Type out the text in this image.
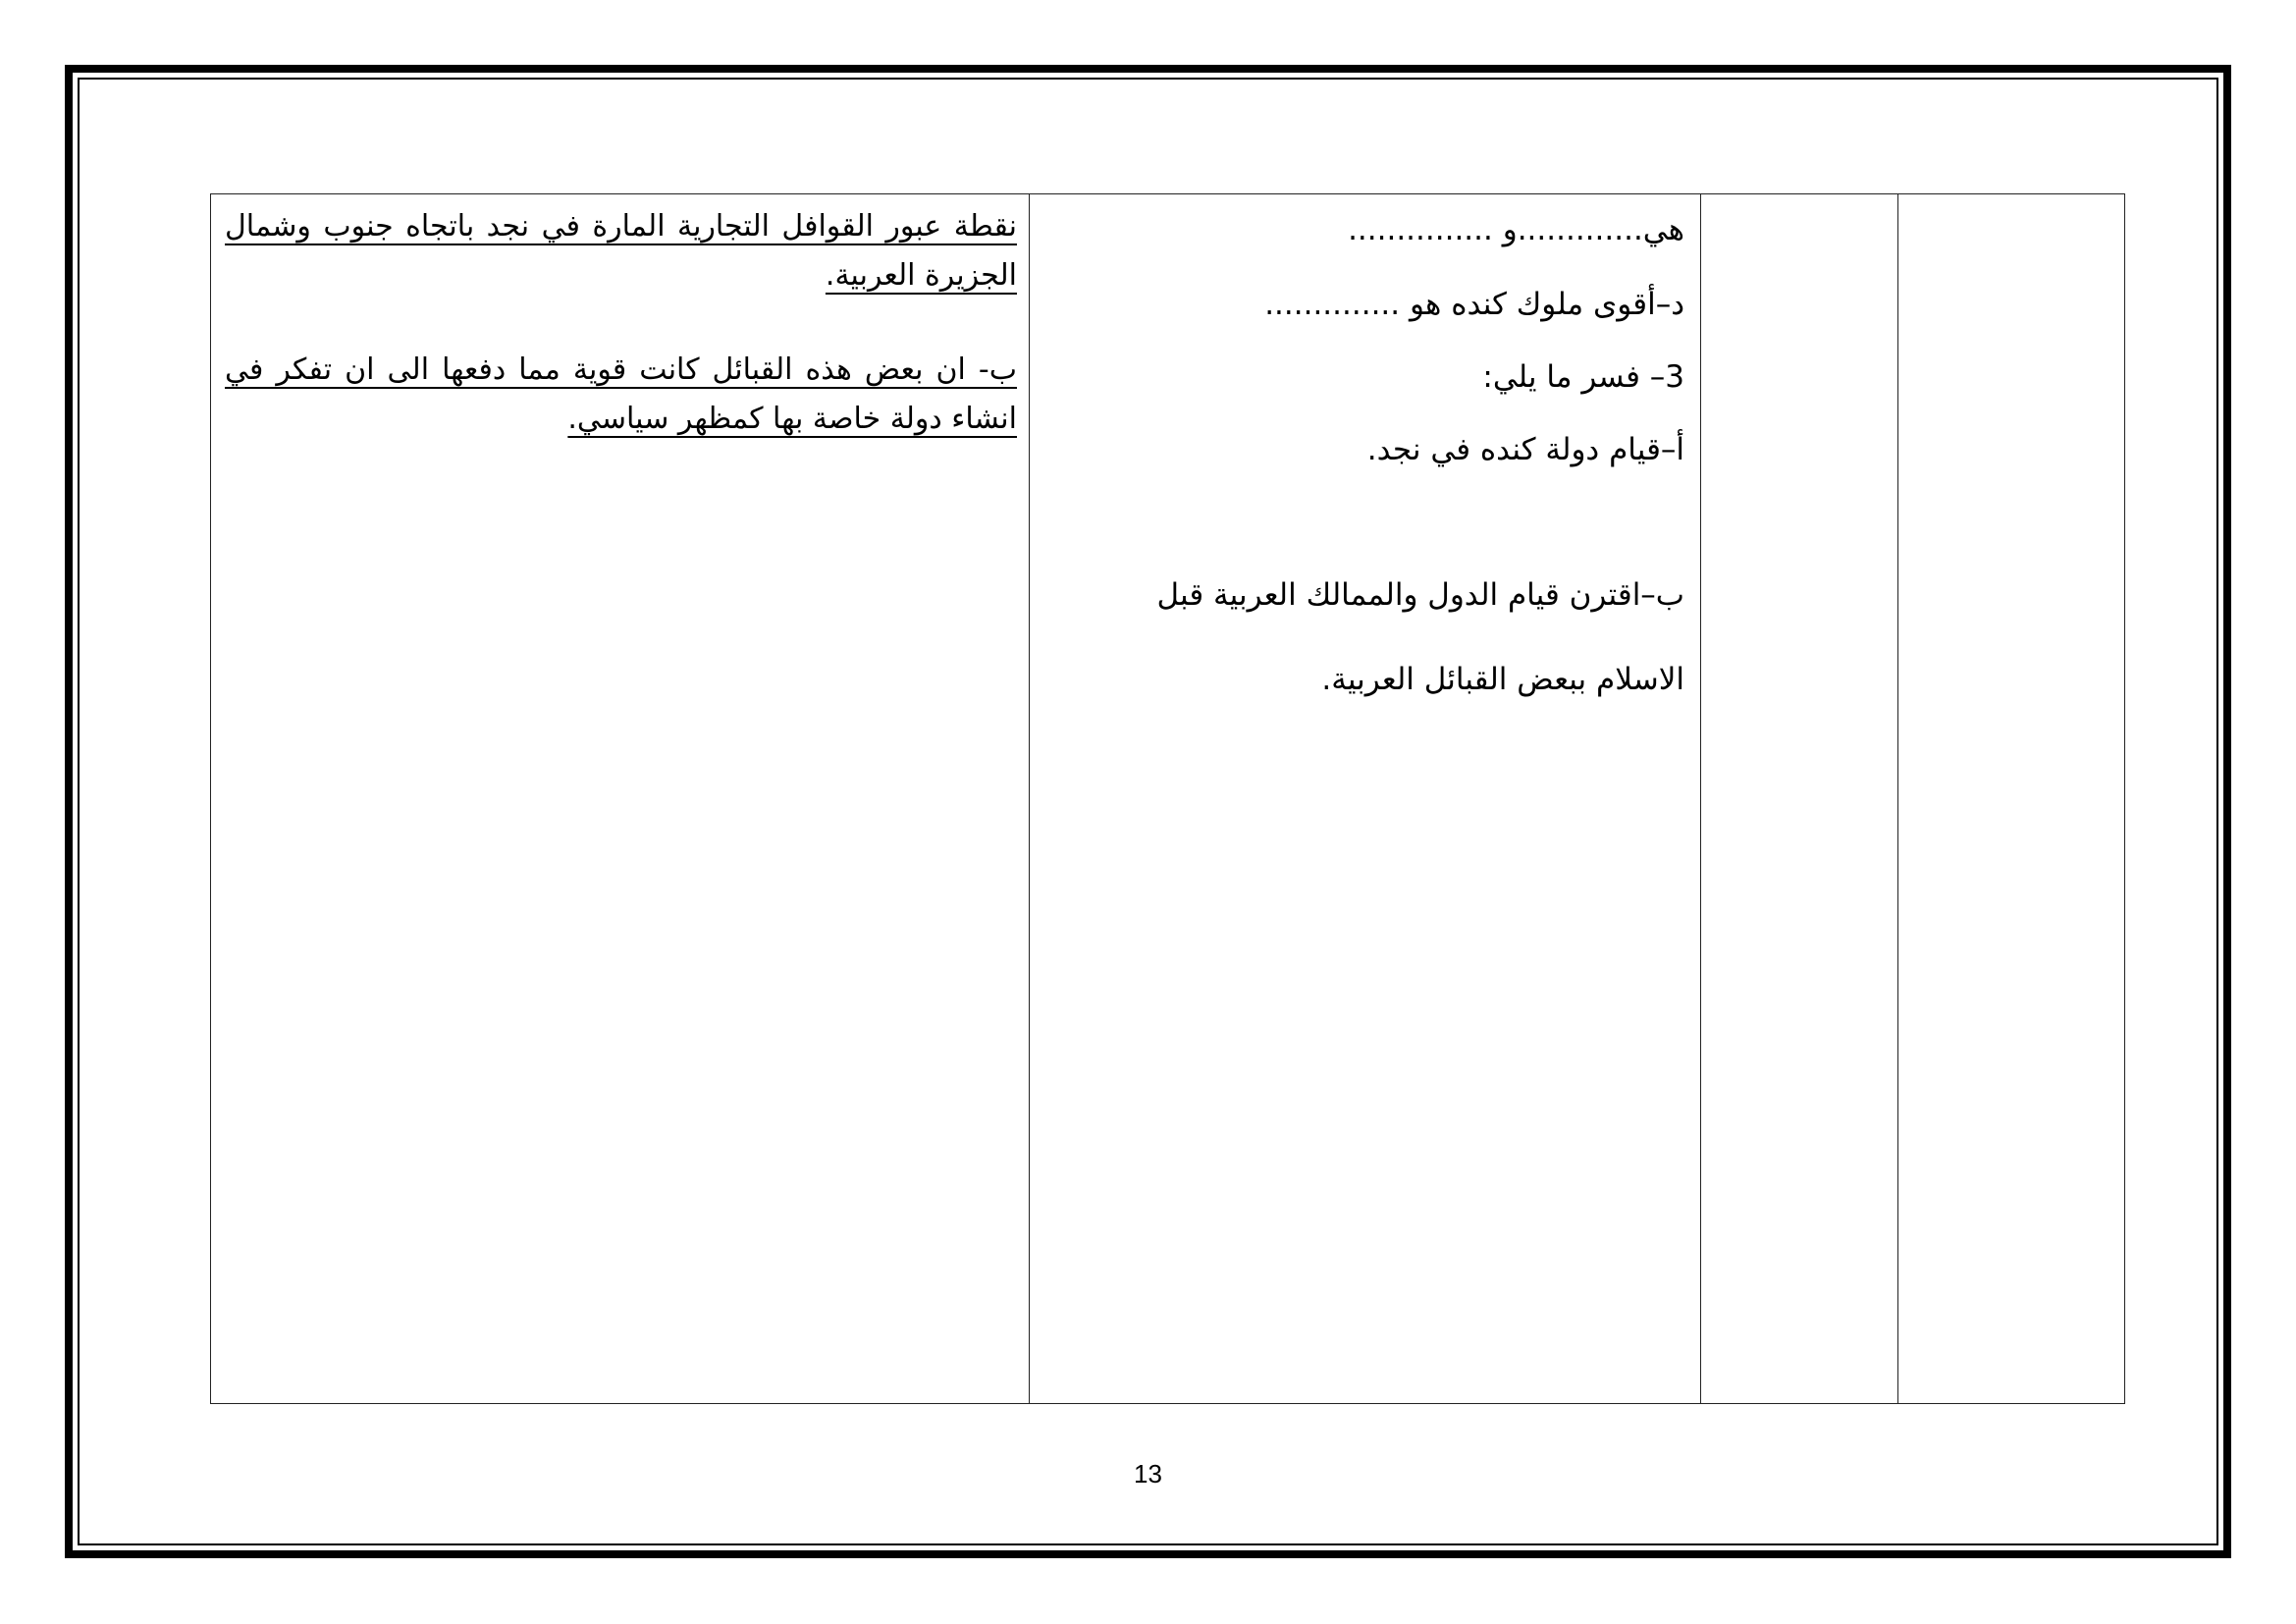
نقطة عبور القوافل التجارية المارة في نجد باتجاه جنوب وشمال الجزيرة العربية.

ب- ان بعض هذه القبائل كانت قوية مما دفعها الى ان تفكر في انشاء دولة خاصة بها كمظهر سياسي.

هي.............و ...............
د–أقوى ملوك كنده هو ..............
3– فسر ما يلي:
أ–قيام دولة كنده في نجد.
ب–اقترن قيام الدول والممالك العربية قبل
الاسلام ببعض القبائل العربية.
13
